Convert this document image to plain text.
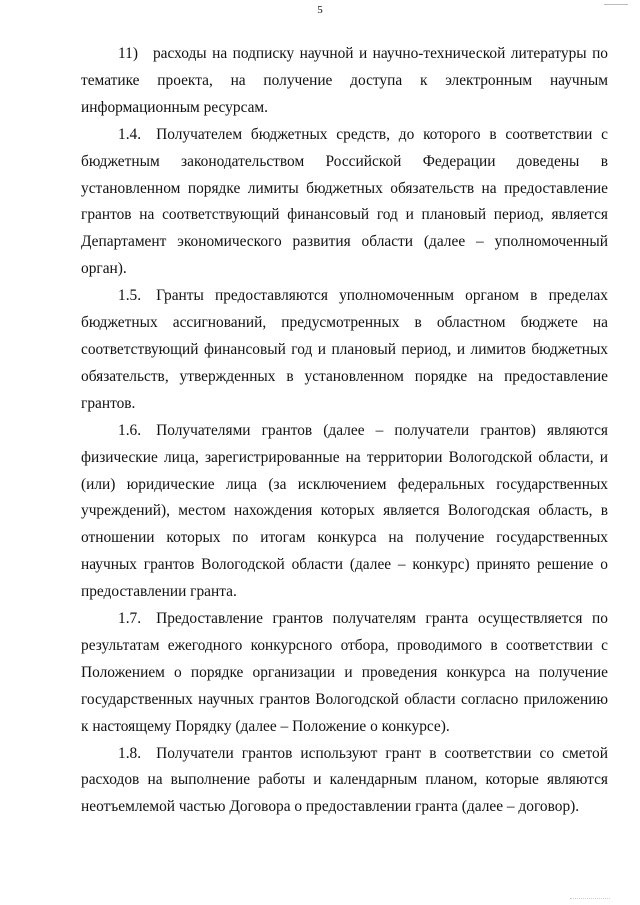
5

11) расходы на подписку научной и научно-технической литературы по тематике проекта, на получение доступа к электронным научным информационным ресурсам.

1.4. Получателем бюджетных средств, до которого в соответствии с бюджетным законодательством Российской Федерации доведены в установленном порядке лимиты бюджетных обязательств на предоставление грантов на соответствующий финансовый год и плановый период, является Департамент экономического развития области (далее – уполномоченный орган).

1.5. Гранты предоставляются уполномоченным органом в пределах бюджетных ассигнований, предусмотренных в областном бюджете на соответствующий финансовый год и плановый период, и лимитов бюджетных обязательств, утвержденных в установленном порядке на предоставление грантов.

1.6. Получателями грантов (далее – получатели грантов) являются физические лица, зарегистрированные на территории Вологодской области, и (или) юридические лица (за исключением федеральных государственных учреждений), местом нахождения которых является Вологодская область, в отношении которых по итогам конкурса на получение государственных научных грантов Вологодской области (далее – конкурс) принято решение о предоставлении гранта.

1.7. Предоставление грантов получателям гранта осуществляется по результатам ежегодного конкурсного отбора, проводимого в соответствии с Положением о порядке организации и проведения конкурса на получение государственных научных грантов Вологодской области согласно приложению к настоящему Порядку (далее – Положение о конкурсе).

1.8. Получатели грантов используют грант в соответствии со сметой расходов на выполнение работы и календарным планом, которые являются неотъемлемой частью Договора о предоставлении гранта (далее – договор).
